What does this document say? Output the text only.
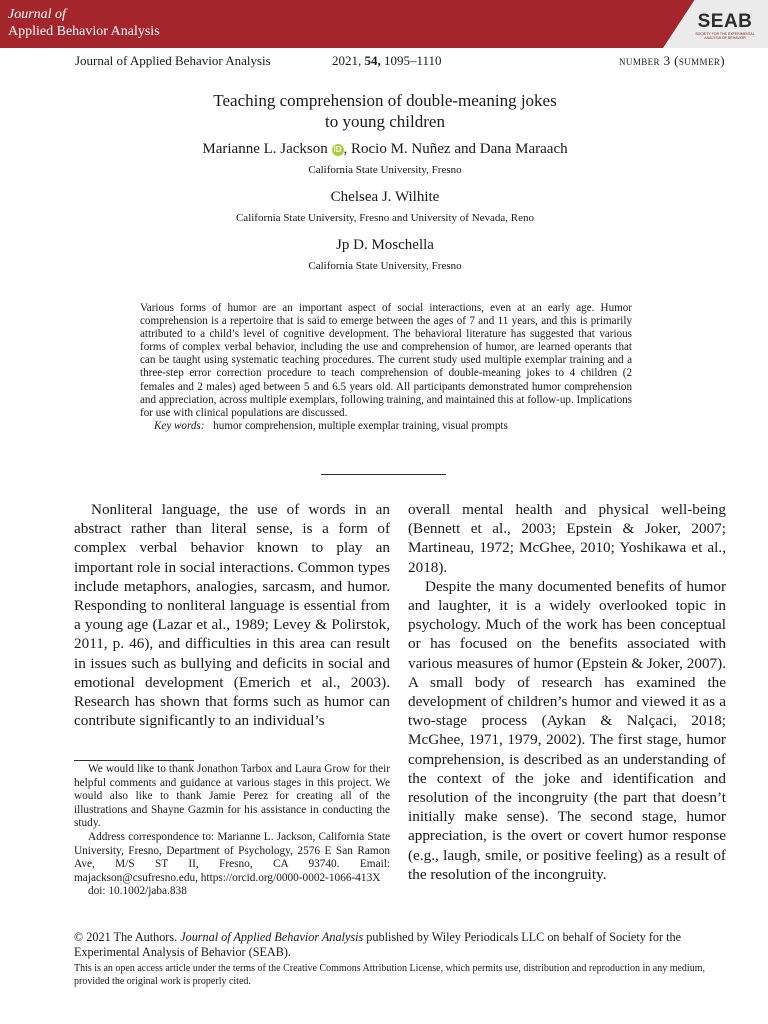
Journal of
Applied Behavior Analysis	SEAB
SOCIETY FOR THE EXPERIMENTAL ANALYSIS OF BEHAVIOR
Journal of Applied Behavior Analysis	2021, 54, 1095–1110	number 3 (summer)
Teaching comprehension of double-meaning jokes
to young children
Marianne L. Jackson iD , Rocio M. Nuñez and Dana Maraach
California State University, Fresno
Chelsea J. Wilhite
California State University, Fresno and University of Nevada, Reno
Jp D. Moschella
California State University, Fresno

Various forms of humor are an important aspect of social interactions, even at an early age. Humor comprehension is a repertoire that is said to emerge between the ages of 7 and 11 years, and this is primarily attributed to a child’s level of cognitive development. The behavioral literature has suggested that various forms of complex verbal behavior, including the use and comprehension of humor, are learned operants that can be taught using systematic teaching procedures. The current study used multiple exemplar training and a three-step error correction procedure to teach comprehension of double-meaning jokes to 4 children (2 females and 2 males) aged between 5 and 6.5 years old. All participants demonstrated humor comprehension and appreciation, across multiple exemplars, following training, and maintained this at follow-up. Implications for use with clinical populations are discussed.

Key words: humor comprehension, multiple exemplar training, visual prompts

Nonliteral language, the use of words in an abstract rather than literal sense, is a form of complex verbal behavior known to play an important role in social interactions. Common types include metaphors, analogies, sarcasm, and humor. Responding to nonliteral language is essential from a young age (Lazar et al., 1989; Levey & Polirstok, 2011, p. 46), and difficulties in this area can result in issues such as bullying and deficits in social and emotional development (Emerich et al., 2003). Research has shown that forms such as humor can contribute significantly to an individual’s

overall mental health and physical well-being (Bennett et al., 2003; Epstein & Joker, 2007; Martineau, 1972; McGhee, 2010; Yoshikawa et al., 2018).

Despite the many documented benefits of humor and laughter, it is a widely overlooked topic in psychology. Much of the work has been conceptual or has focused on the benefits associated with various measures of humor (Epstein & Joker, 2007). A small body of research has examined the development of children’s humor and viewed it as a two-stage process (Aykan & Nalçaci, 2018; McGhee, 1971, 1979, 2002). The first stage, humor comprehension, is described as an understanding of the context of the joke and identification and resolution of the incongruity (the part that doesn’t initially make sense). The second stage, humor appreciation, is the overt or covert humor response (e.g., laugh, smile, or positive feeling) as a result of the resolution of the incongruity.

We would like to thank Jonathon Tarbox and Laura Grow for their helpful comments and guidance at various stages in this project. We would also like to thank Jamie Perez for creating all of the illustrations and Shayne Gazmin for his assistance in conducting the study.

Address correspondence to: Marianne L. Jackson, California State University, Fresno, Department of Psychology, 2576 E San Ramon Ave, M/S ST II, Fresno, CA 93740. Email: majackson@csufresno.edu, https://orcid.org/0000-0002-1066-413X

doi: 10.1002/jaba.838

© 2021 The Authors. Journal of Applied Behavior Analysis published by Wiley Periodicals LLC on behalf of Society for the Experimental Analysis of Behavior (SEAB).
This is an open access article under the terms of the Creative Commons Attribution License, which permits use, distribution and reproduction in any medium, provided the original work is properly cited.
